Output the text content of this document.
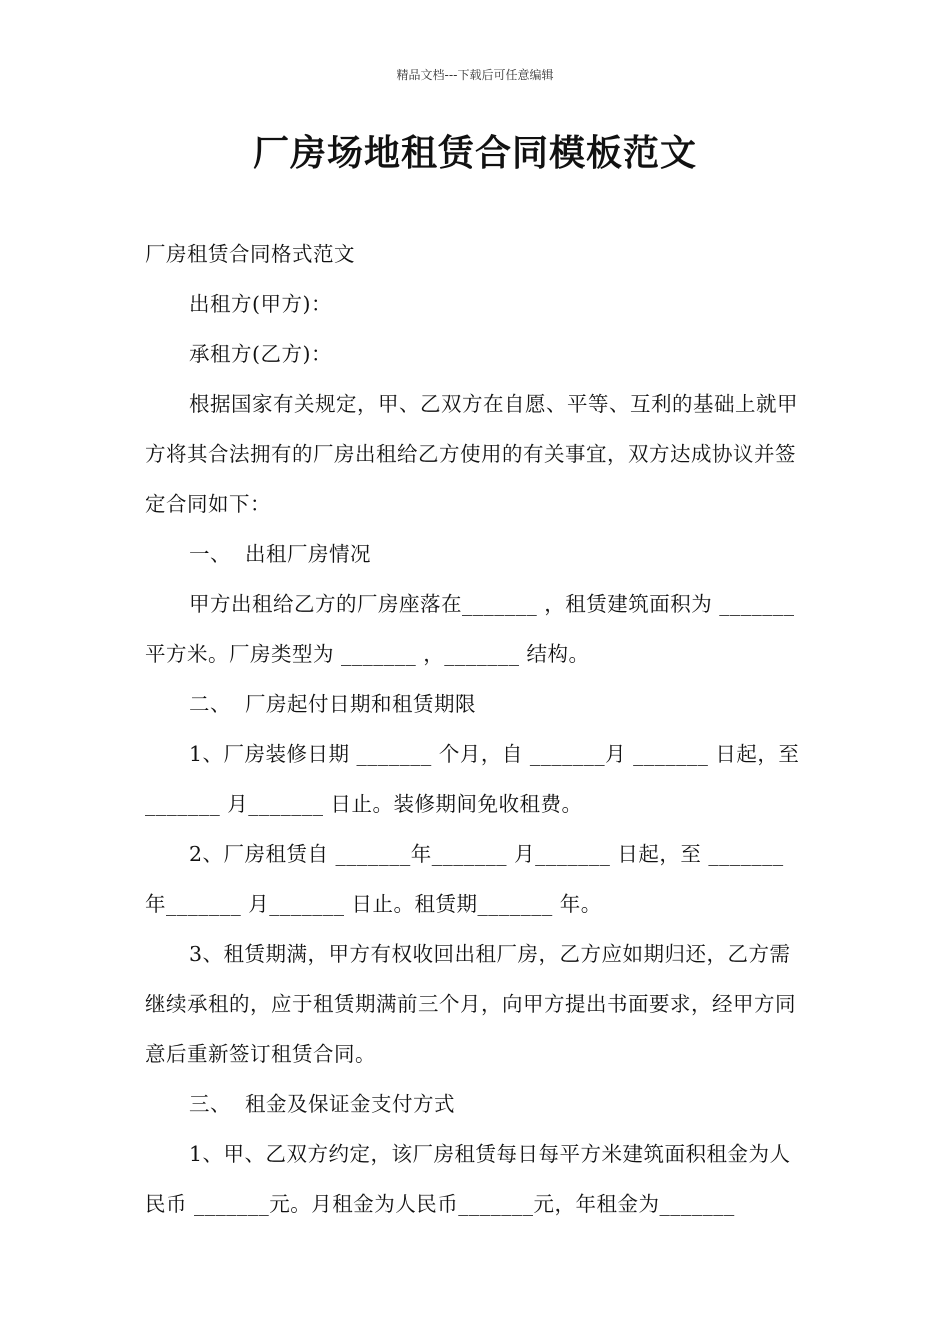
精品文档---下载后可任意编辑
厂房场地租赁合同模板范文

厂房租赁合同格式范文

出租方(甲方)：

承租方(乙方)：

根据国家有关规定，甲、乙双方在自愿、平等、互利的基础上就甲方将其合法拥有的厂房出租给乙方使用的有关事宜，双方达成协议并签定合同如下：

一、  出租厂房情况

甲方出租给乙方的厂房座落在_______ ，租赁建筑面积为 _______ 平方米。厂房类型为 _______ ，_______ 结构。

二、  厂房起付日期和租赁期限

1、厂房装修日期 _______ 个月，自 _______月 _______ 日起，至 _______ 月_______ 日止。装修期间免收租费。

2、厂房租赁自 _______年_______ 月_______ 日起，至 _______ 年_______ 月_______ 日止。租赁期_______ 年。

3、租赁期满，甲方有权收回出租厂房，乙方应如期归还，乙方需继续承租的，应于租赁期满前三个月，向甲方提出书面要求，经甲方同意后重新签订租赁合同。

三、  租金及保证金支付方式

1、甲、乙双方约定，该厂房租赁每日每平方米建筑面积租金为人民币 _______元。月租金为人民币_______元，年租金为_______
